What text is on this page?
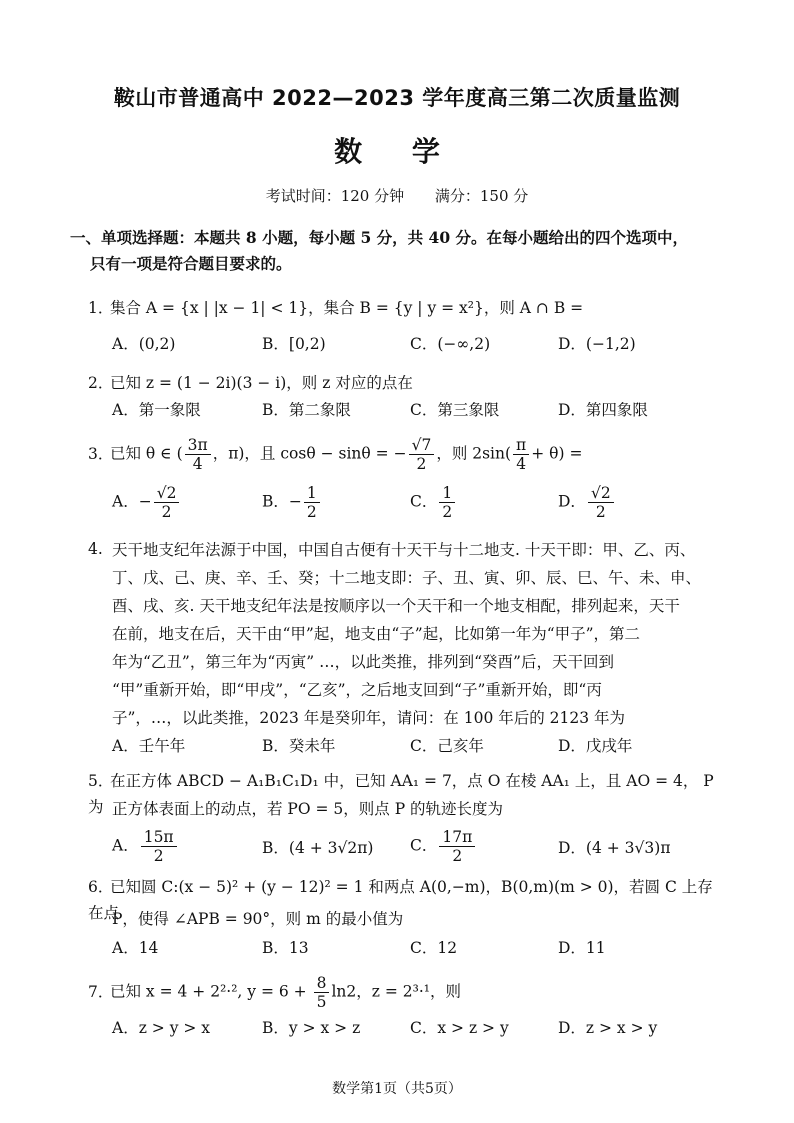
鞍山市普通高中 2022—2023 学年度高三第二次质量监测
数 学
考试时间：120 分钟 满分：150 分
一、单项选择题：本题共 8 小题，每小题 5 分，共 40 分。在每小题给出的四个选项中，
只有一项是符合题目要求的。
1．集合 A = {x | |x − 1| < 1}，集合 B = {y | y = x²}，则 A ∩ B =
A．(0,2)	B．[0,2)	C．(−∞,2)	D．(−1,2)
2．已知 z = (1 − 2i)(3 − i)，则 z 对应的点在
A．第一象限	B．第二象限	C．第三象限	D．第四象限
3．已知 θ ∈ ( $\frac{3\pi}{4}$ ，π)，且 cosθ − sinθ = − $\frac{√7}{2}$ ，则 $2\sin( \frac{\pi}{4} + \theta)$ =
A．− $\frac{√2}{2}$	B．− $\frac{1}{2}$	C． $\frac{1}{2}$	D． $\frac{√2}{2}$
4. 天干地支纪年法源于中国，中国自古便有十天干与十二地支. 十天干即：甲、乙、丙、
丁、戊、己、庚、辛、壬、癸；十二地支即：子、丑、寅、卯、辰、巳、午、未、申、
酉、戌、亥. 天干地支纪年法是按顺序以一个天干和一个地支相配，排列起来，天干
在前，地支在后，天干由“甲”起，地支由“子”起，比如第一年为“甲子”，第二
年为“乙丑”，第三年为“丙寅” …，以此类推，排列到“癸酉”后，天干回到
“甲”重新开始，即“甲戌”，“乙亥”，之后地支回到“子”重新开始，即“丙
子”，…，以此类推，2023 年是癸卯年，请问：在 100 年后的 2123 年为
A．壬午年	B．癸未年	C．己亥年	D．戊戌年
5．在正方体 ABCD − A₁B₁C₁D₁ 中，已知 AA₁ = 7，点 O 在棱 AA₁ 上，且 AO = 4， P 为 正方体表面上的动点，若 PO = 5，则点 P 的轨迹长度为
A． $\frac{15\pi}{2}$	B．(4 + 3√2π) C． $\frac{17\pi}{2}$	D．(4 + 3√3)π
6．已知圆 C:(x − 5)² + (y − 12)² = 1 和两点 A(0,−m)，B(0,m)(m > 0)，若圆 C 上存在点
P，使得 ∠APB = 90°，则 m 的最小值为
A．14	B．13	C．12	D．11
7．已知 x = 4 + 2²·², $y = 6 + \frac{8}{5} \ln 2$，z = 2³·¹，则
A．z > y > x	B．y > x > z	C．x > z > y	D．z > x > y
数学第1页（共5页）
